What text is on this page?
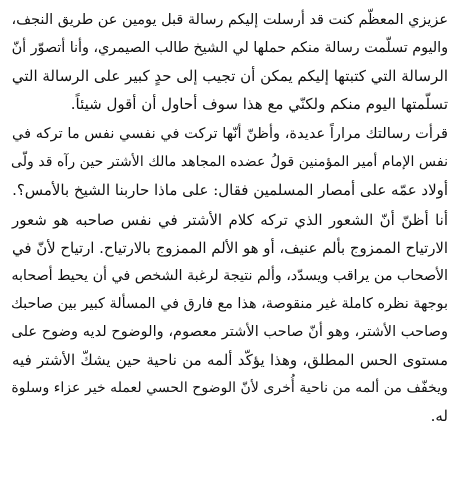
عزيزي المعظّم كنت قد أرسلت إليكم رسالة قبل يومين عن طريق النجف،
واليوم تسلّمت رسالة منكم حملها لي الشيخ طالب الصيمري، وأنا أتصوّر أنّ
الرسالة التي كتبتها إليكم يمكن أن تجيب إلى حدٍ كبير على الرسالة التي
تسلّمتها اليوم منكم ولكنّي مع هذا سوف أحاول أن أقول شيئاً.
قرأت رسالتك مراراً عديدة، وأظنّ أنّها تركت في نفسي نفس ما تركه في
نفس الإمام أمير المؤمنين قولُ عضده المجاهد مالك الأشتر حين رآه قد ولّى
أولاد عمّه على أمصار المسلمين فقال: على ماذا حاربنا الشيخ بالأمس؟.
أنا أظنّ أنّ الشعور الذي تركه كلام الأشتر في نفس صاحبه هو شعور
الارتياح الممزوج بألم عنيف، أو هو الألم الممزوج بالارتياح. ارتياح لأنّ في
الأصحاب من يراقب ويسدّد، وألم نتيجة لرغبة الشخص في أن يحيط أصحابه
بوجهة نظره كاملة غير منقوصة، هذا مع فارق في المسألة كبير بين صاحبك
وصاحب الأشتر، وهو أنّ صاحب الأشتر معصوم، والوضوح لديه وضوح على
مستوى الحس المطلق، وهذا يؤكّد ألمه من ناحية حين يشكّ الأشتر فيه
ويخفّف من ألمه من ناحية أُخرى لأنّ الوضوح الحسي لعمله خير عزاء وسلوة
له.
